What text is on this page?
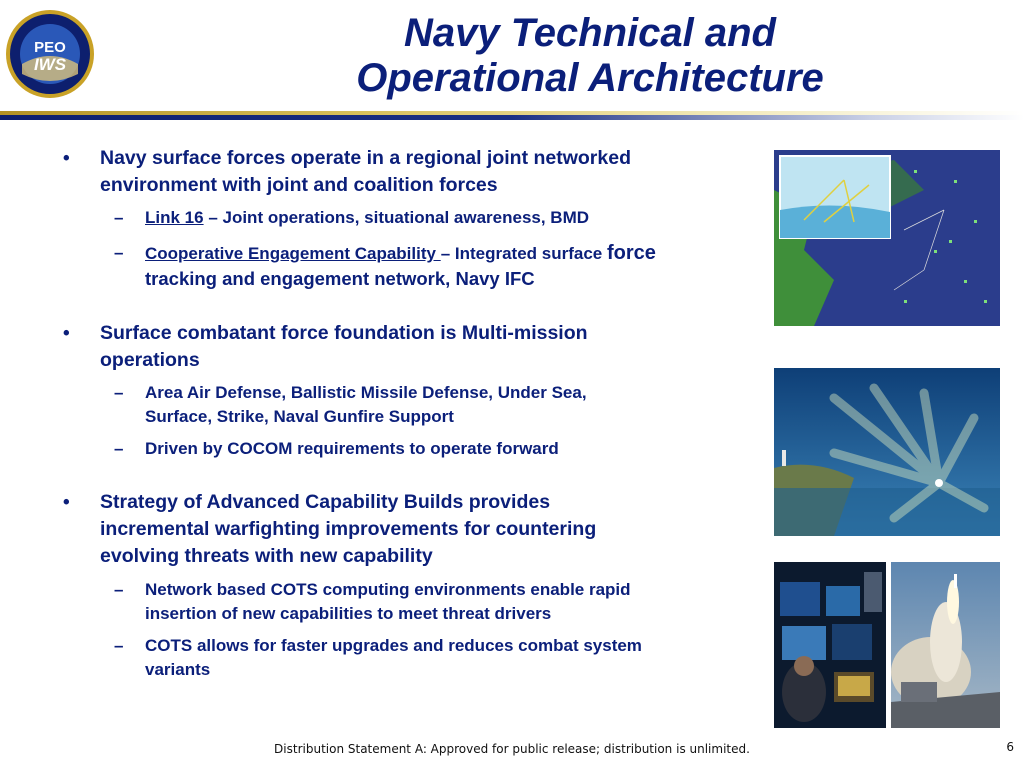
PEO
IWS
Navy Technical and
Operational Architecture
• Navy surface forces operate in a regional joint networked
environment with joint and coalition forces
– Link 16 – Joint operations, situational awareness, BMD
– Cooperative Engagement Capability – Integrated surface force
tracking and engagement network, Navy IFC
• Surface combatant force foundation is Multi-mission
operations
– Area Air Defense, Ballistic Missile Defense, Under Sea,
Surface, Strike, Naval Gunfire Support
– Driven by COCOM requirements to operate forward
• Strategy of Advanced Capability Builds provides
incremental warfighting improvements for countering
evolving threats with new capability
– Network based COTS computing environments enable rapid
insertion of new capabilities to meet threat drivers
– COTS allows for faster upgrades and reduces combat system
variants
Distribution Statement A: Approved for public release; distribution is unlimited.	6
